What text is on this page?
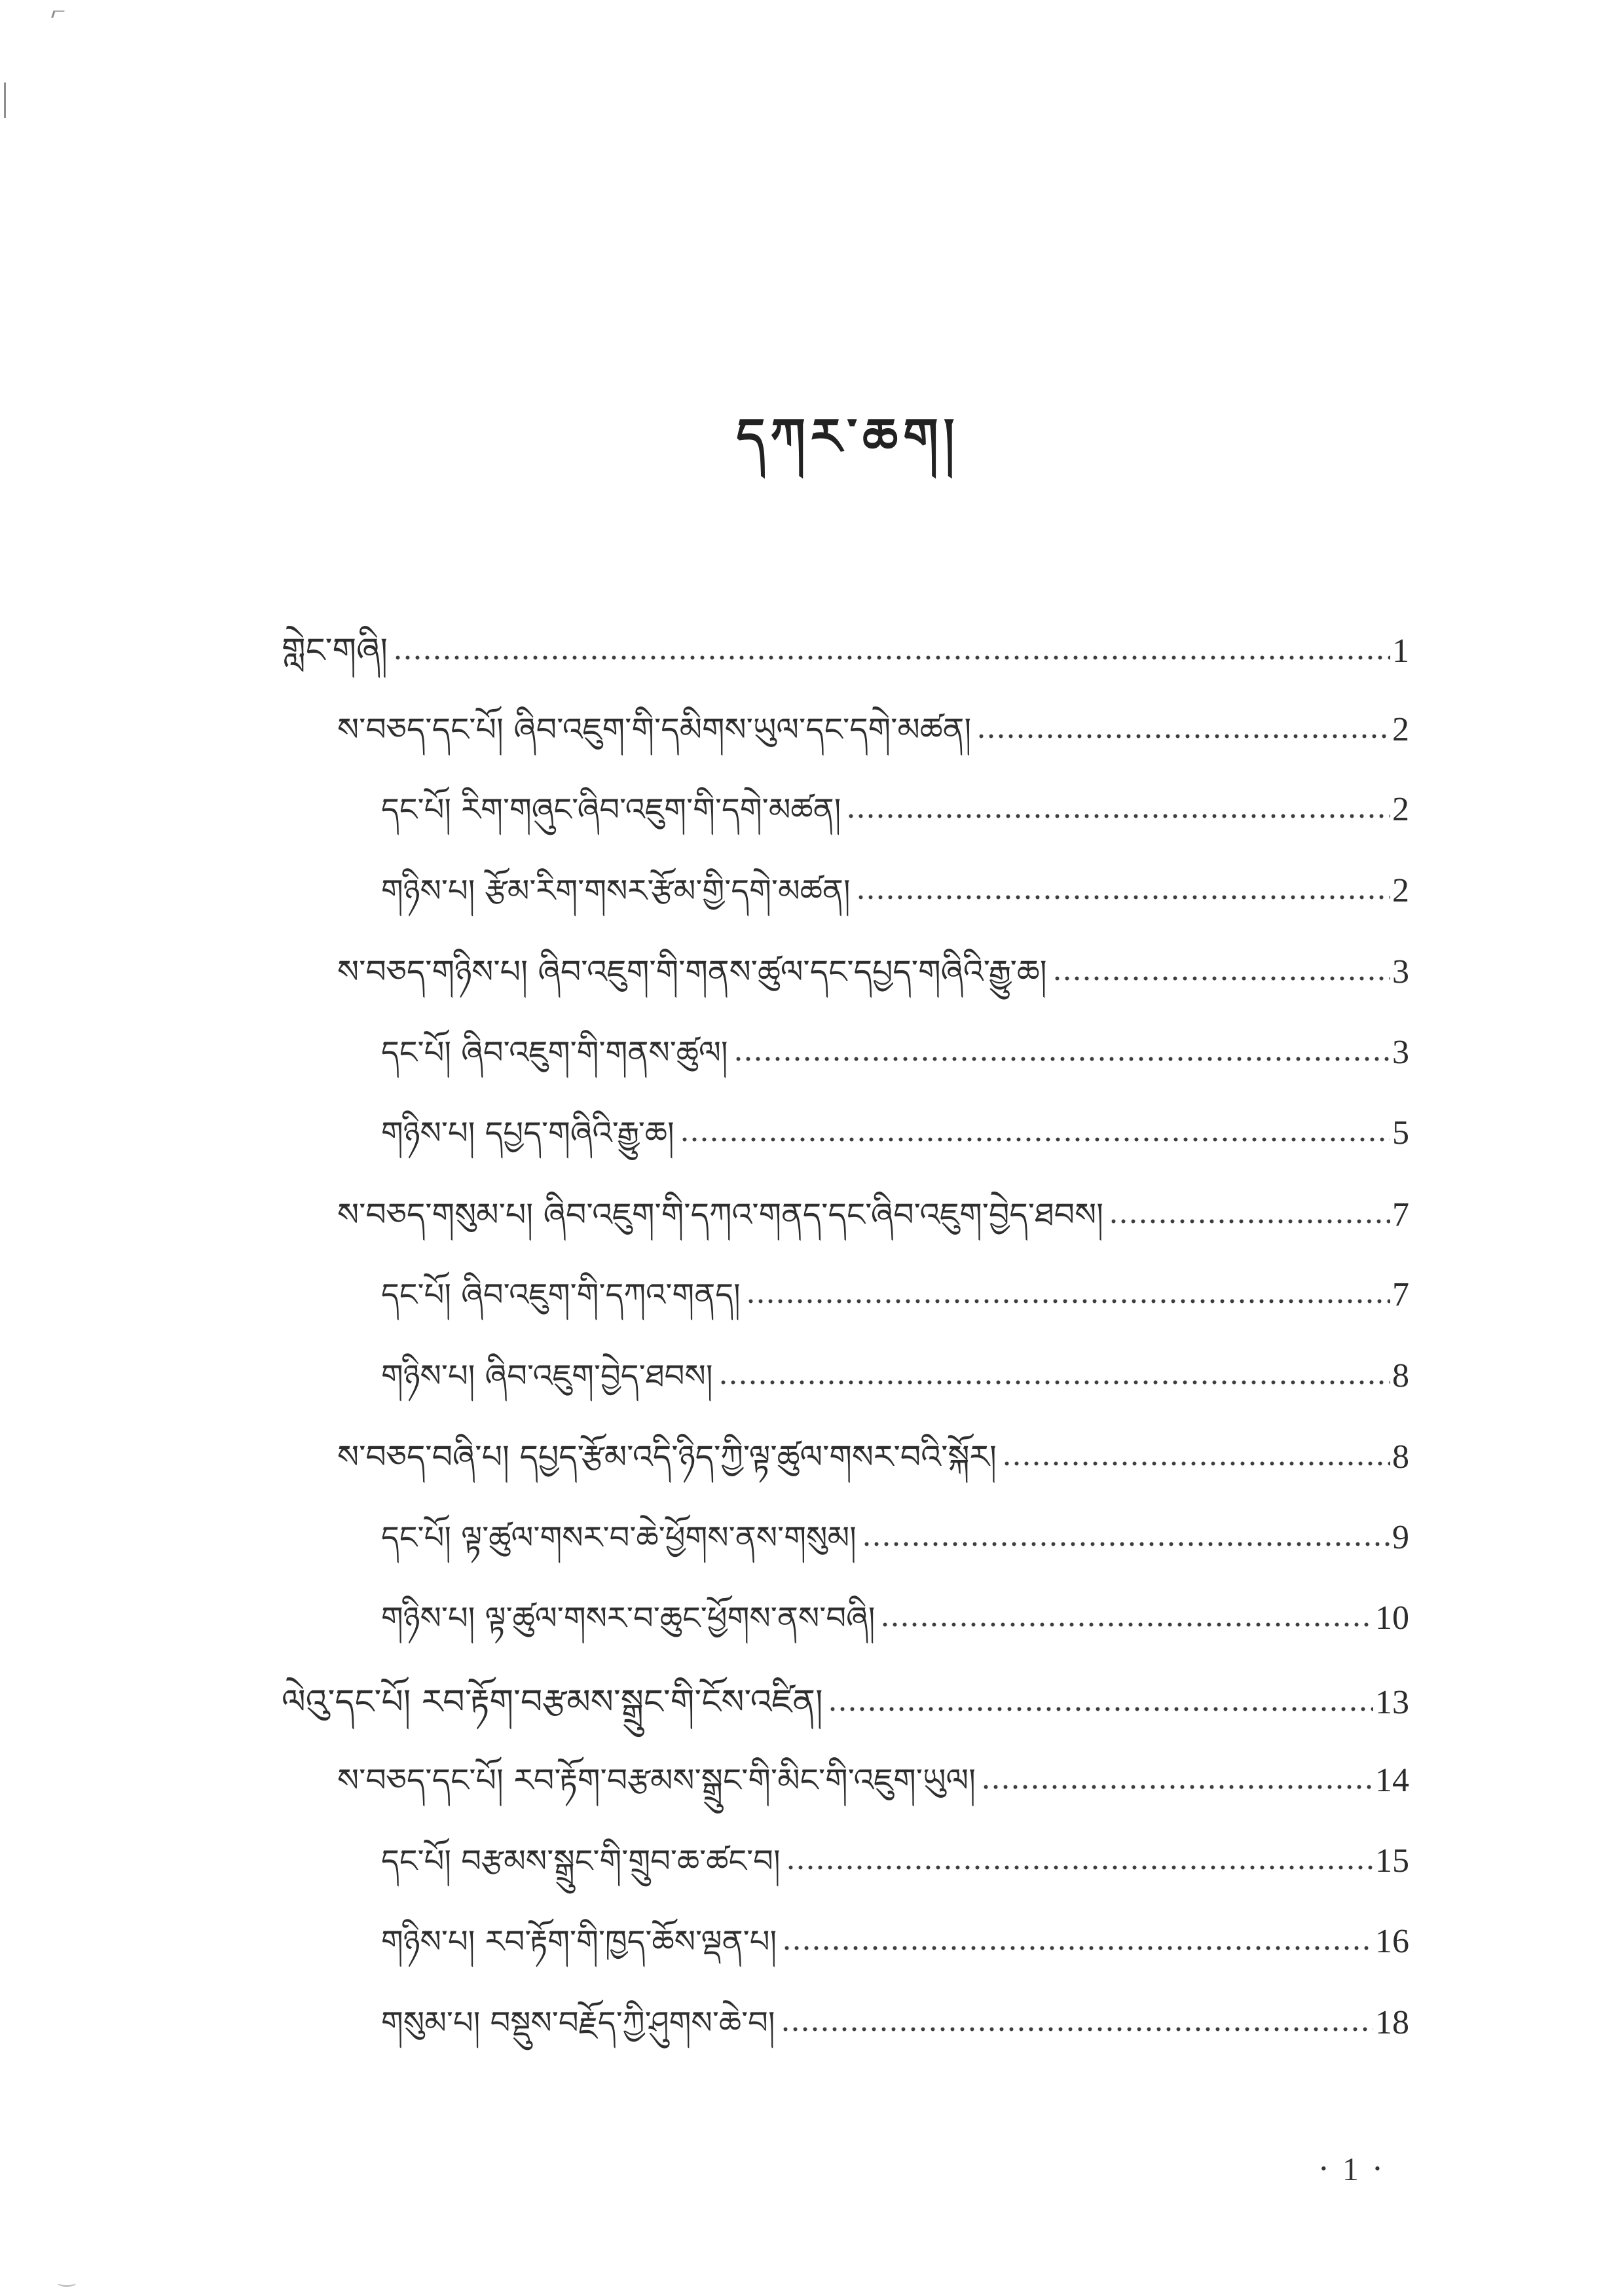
དཀར་ཆག།
གླེང་གཞི།	1
ས་བཅད་དང་པོ། ཞིབ་འཇུག་གི་དམིགས་ཡུལ་དང་དགེ་མཚན།	2
དང་པོ། རིག་གཞུང་ཞིབ་འཇུག་གི་དགེ་མཚན།	2
གཉིས་པ། རྩོམ་རིག་གསར་རྩོམ་གྱི་དགེ་མཚན།	2
ས་བཅད་གཉིས་པ། ཞིབ་འཇུག་གི་གནས་ཚུལ་དང་དཔྱད་གཞིའི་རྒྱུ་ཆ།	3
དང་པོ། ཞིབ་འཇུག་གི་གནས་ཚུལ།	3
གཉིས་པ། དཔྱད་གཞིའི་རྒྱུ་ཆ།	5
ས་བཅད་གསུམ་པ། ཞིབ་འཇུག་གི་དཀའ་གནད་དང་ཞིབ་འཇུག་བྱེད་ཐབས།	7
དང་པོ། ཞིབ་འཇུག་གི་དཀའ་གནད།	7
གཉིས་པ། ཞིབ་འཇུག་བྱེད་ཐབས།	8
ས་བཅད་བཞི་པ། དཔྱད་རྩོམ་འདི་ཉིད་ཀྱི་ལྟ་ཚུལ་གསར་བའི་སྐོར།	8
དང་པོ། ལྟ་ཚུལ་གསར་བ་ཆེ་ཕྱོགས་ནས་གསུམ།	9
གཉིས་པ། ལྟ་ཚུལ་གསར་བ་ཆུང་ཕྱོགས་ནས་བཞི།	10
ལེའུ་དང་པོ། རབ་རྟོག་བརྩམས་སྒྲུང་གི་ངོས་འཛིན།	13
ས་བཅད་དང་པོ། རབ་རྟོག་བརྩམས་སྒྲུང་གི་མིང་གི་འཇུག་ཡུལ།	14
དང་པོ། བརྩམས་སྒྲུང་གི་གྲུབ་ཆ་ཚང་བ།	15
གཉིས་པ། རབ་རྟོག་གི་ཁྱད་ཆོས་ལྡན་པ།	16
གསུམ་པ། བསྡུས་བརྗོད་ཀྱི་ཤུགས་ཆེ་བ།	18
• 1 •
